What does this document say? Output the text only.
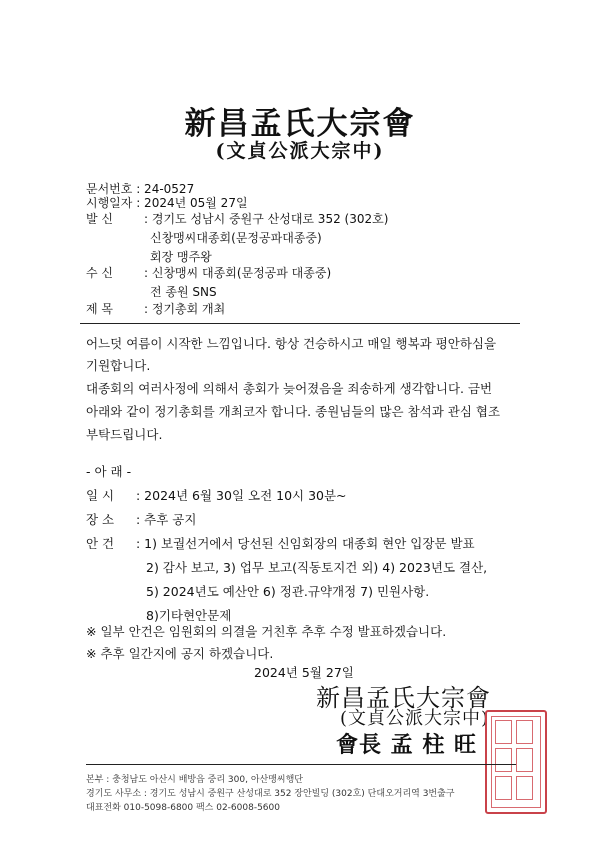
新昌孟氏大宗會
(文貞公派大宗中)
문서번호 : 24-0527
시행일자 : 2024년 05월 27일
발 신	: 경기도 성남시 중원구 산성대로 352 (302호)
신창맹씨대종회(문정공파대종중)
회장 맹주왕
수 신	: 신창맹씨 대종회(문정공파 대종중)
전 종원 SNS
제 목	: 정기총회 개최
어느덧 여름이 시작한 느낌입니다. 항상 건승하시고 매일 행복과 평안하심을
기원합니다.
대종회의 여러사정에 의해서 총회가 늦어졌음을 죄송하게 생각합니다. 금번
아래와 같이 정기총회를 개최코자 합니다. 종원님들의 많은 참석과 관심 협조
부탁드립니다.
- 아 래 -
일 시 : 2024년 6월 30일 오전 10시 30분~
장 소 : 추후 공지
안 건 : 1) 보궐선거에서 당선된 신임회장의 대종회 현안 입장문 발표
2) 감사 보고, 3) 업무 보고(직동토지건 외) 4) 2023년도 결산,
5) 2024년도 예산안 6) 정관.규약개정 7) 민원사항.
8)기타현안문제
※ 일부 안건은 임원회의 의결을 거친후 추후 수정 발표하겠습니다.
※ 추후 일간지에 공지 하겠습니다.
2024년 5월 27일
新昌孟氏大宗會
(文貞公派大宗中)
會長 孟 柱 旺
본부 : 충청남도 아산시 배방읍 중리 300, 아산맹씨행단
경기도 사무소 : 경기도 성남시 중원구 산성대로 352 장안빌딩 (302호) 단대오거리역 3번출구
대표전화 010-5098-6800 팩스 02-6008-5600
